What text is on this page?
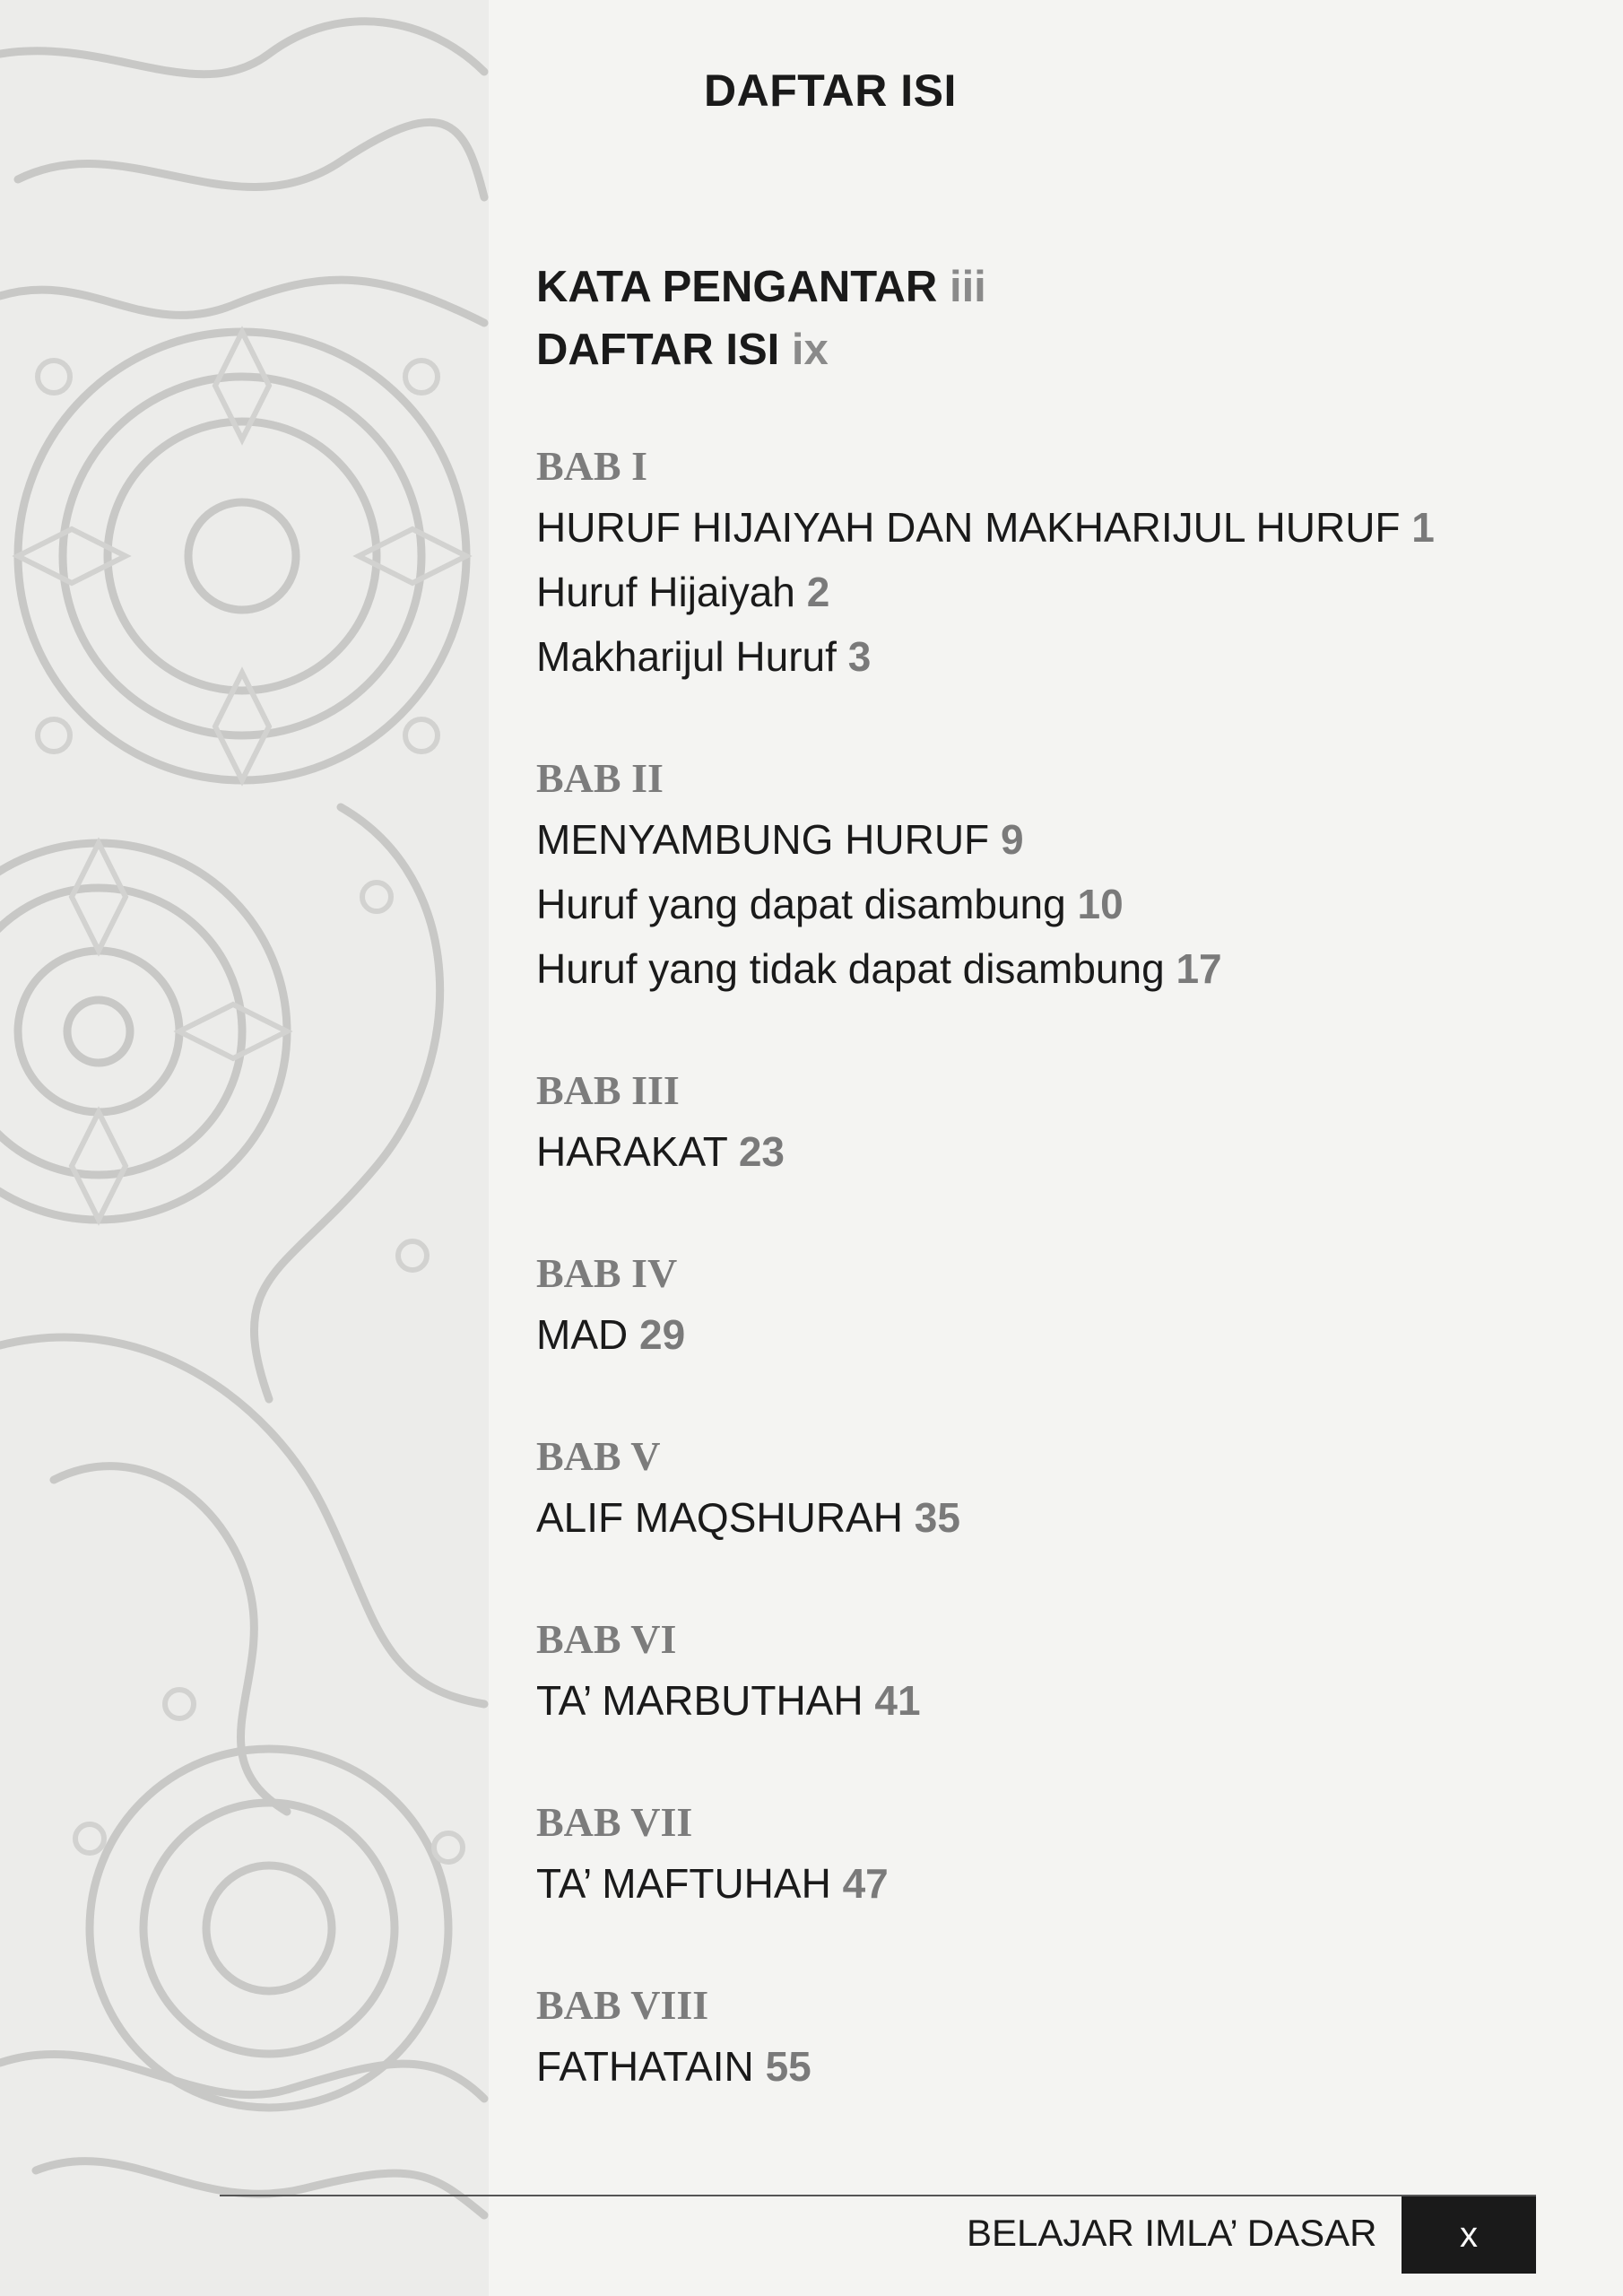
DAFTAR ISI
KATA PENGANTAR iii
DAFTAR ISI ix
BAB I
HURUF HIJAIYAH DAN MAKHARIJUL HURUF 1
Huruf Hijaiyah 2
Makharijul Huruf 3
BAB II
MENYAMBUNG HURUF 9
Huruf yang dapat disambung 10
Huruf yang tidak dapat disambung 17
BAB III
HARAKAT 23
BAB IV
MAD 29
BAB V
ALIF MAQSHURAH 35
BAB VI
TA’ MARBUTHAH 41
BAB VII
TA’ MAFTUHAH 47
BAB VIII
FATHATAIN 55
BELAJAR IMLA’ DASAR	x
